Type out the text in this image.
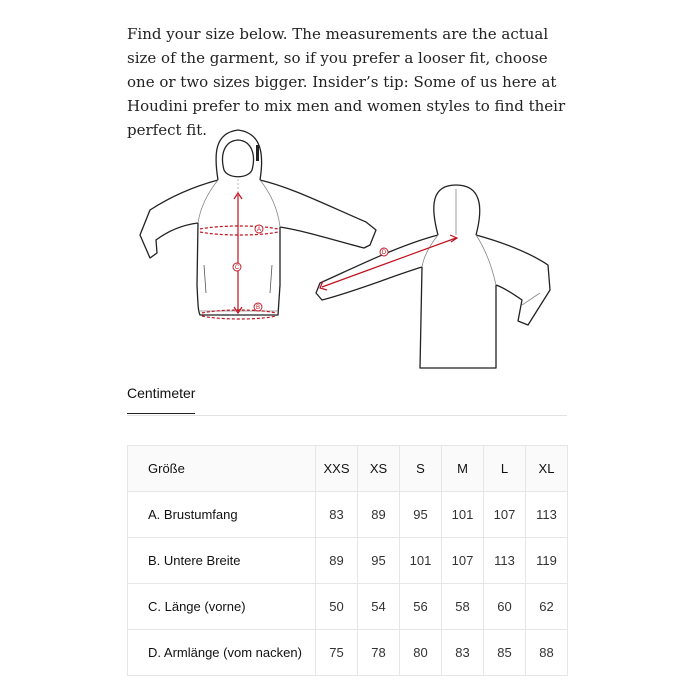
Find your size below. The measurements are the actual size of the garment, so if you prefer a looser fit, choose one or two sizes bigger. Insider’s tip: Some of us here at Houdini prefer to mix men and women styles to find their perfect fit.

A
B
C
D
Centimeter
Größe	XXS	XS	S	M	L	XL
A. Brustumfang	83	89	95	101	107	113
B. Untere Breite	89	95	101	107	113	119
C. Länge (vorne)	50	54	56	58	60	62
D. Armlänge (vom nacken)	75	78	80	83	85	88
